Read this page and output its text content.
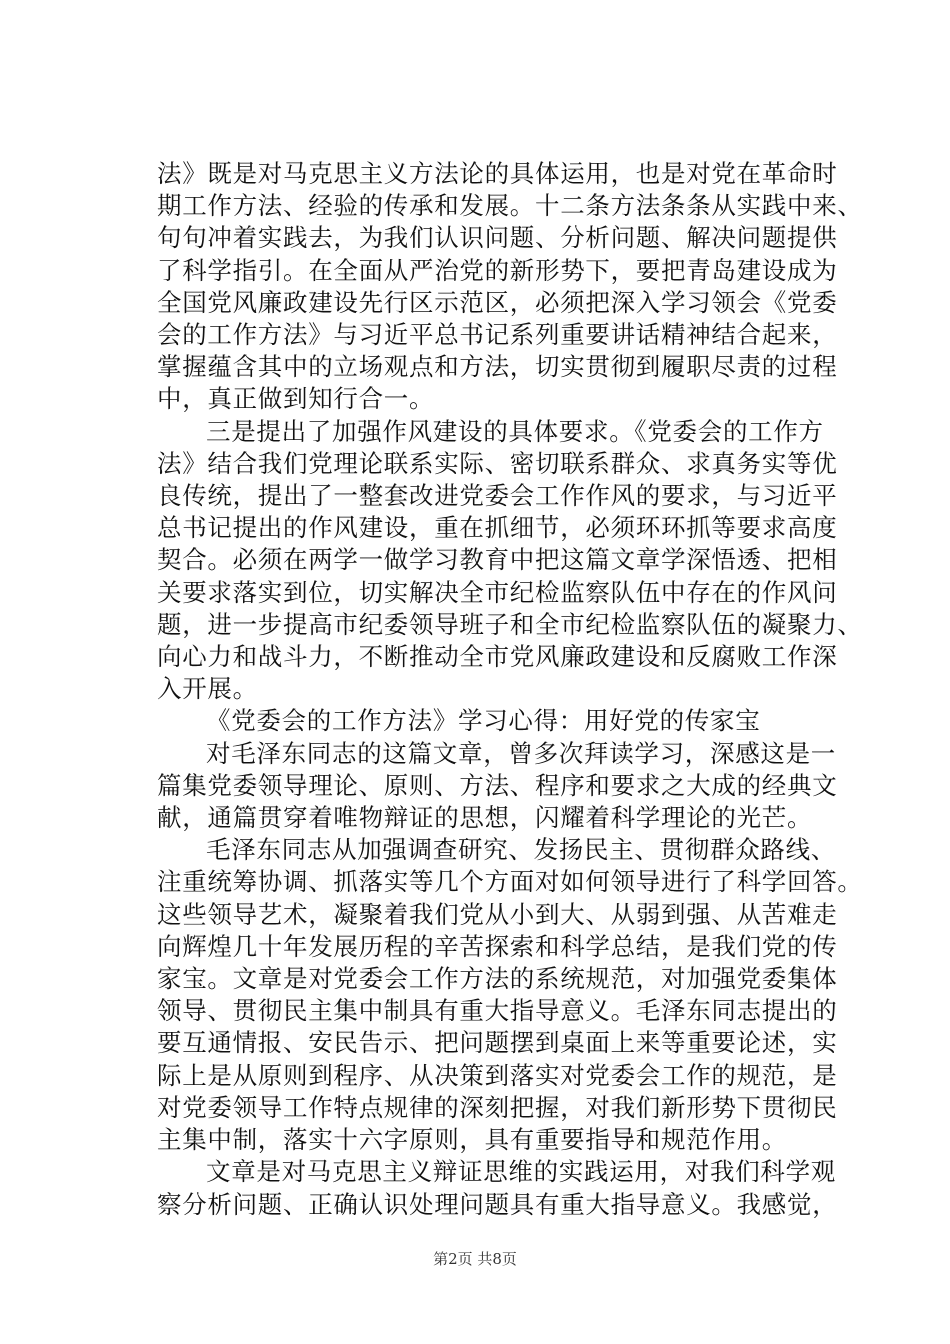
法》既是对马克思主义方法论的具体运用，也是对党在革命时
期工作方法、经验的传承和发展。十二条方法条条从实践中来、
句句冲着实践去，为我们认识问题、分析问题、解决问题提供
了科学指引。在全面从严治党的新形势下，要把青岛建设成为
全国党风廉政建设先行区示范区，必须把深入学习领会《党委
会的工作方法》与习近平总书记系列重要讲话精神结合起来，
掌握蕴含其中的立场观点和方法，切实贯彻到履职尽责的过程
中，真正做到知行合一。
三是提出了加强作风建设的具体要求。《党委会的工作方
法》结合我们党理论联系实际、密切联系群众、求真务实等优
良传统，提出了一整套改进党委会工作作风的要求，与习近平
总书记提出的作风建设，重在抓细节，必须环环抓等要求高度
契合。必须在两学一做学习教育中把这篇文章学深悟透、把相
关要求落实到位，切实解决全市纪检监察队伍中存在的作风问
题，进一步提高市纪委领导班子和全市纪检监察队伍的凝聚力、
向心力和战斗力，不断推动全市党风廉政建设和反腐败工作深
入开展。
《党委会的工作方法》学习心得：用好党的传家宝
对毛泽东同志的这篇文章，曾多次拜读学习，深感这是一
篇集党委领导理论、原则、方法、程序和要求之大成的经典文
献，通篇贯穿着唯物辩证的思想，闪耀着科学理论的光芒。
毛泽东同志从加强调查研究、发扬民主、贯彻群众路线、
注重统筹协调、抓落实等几个方面对如何领导进行了科学回答。
这些领导艺术，凝聚着我们党从小到大、从弱到强、从苦难走
向辉煌几十年发展历程的辛苦探索和科学总结，是我们党的传
家宝。文章是对党委会工作方法的系统规范，对加强党委集体
领导、贯彻民主集中制具有重大指导意义。毛泽东同志提出的
要互通情报、安民告示、把问题摆到桌面上来等重要论述，实
际上是从原则到程序、从决策到落实对党委会工作的规范，是
对党委领导工作特点规律的深刻把握，对我们新形势下贯彻民
主集中制，落实十六字原则，具有重要指导和规范作用。
文章是对马克思主义辩证思维的实践运用，对我们科学观
察分析问题、正确认识处理问题具有重大指导意义。我感觉，
第2页 共8页
